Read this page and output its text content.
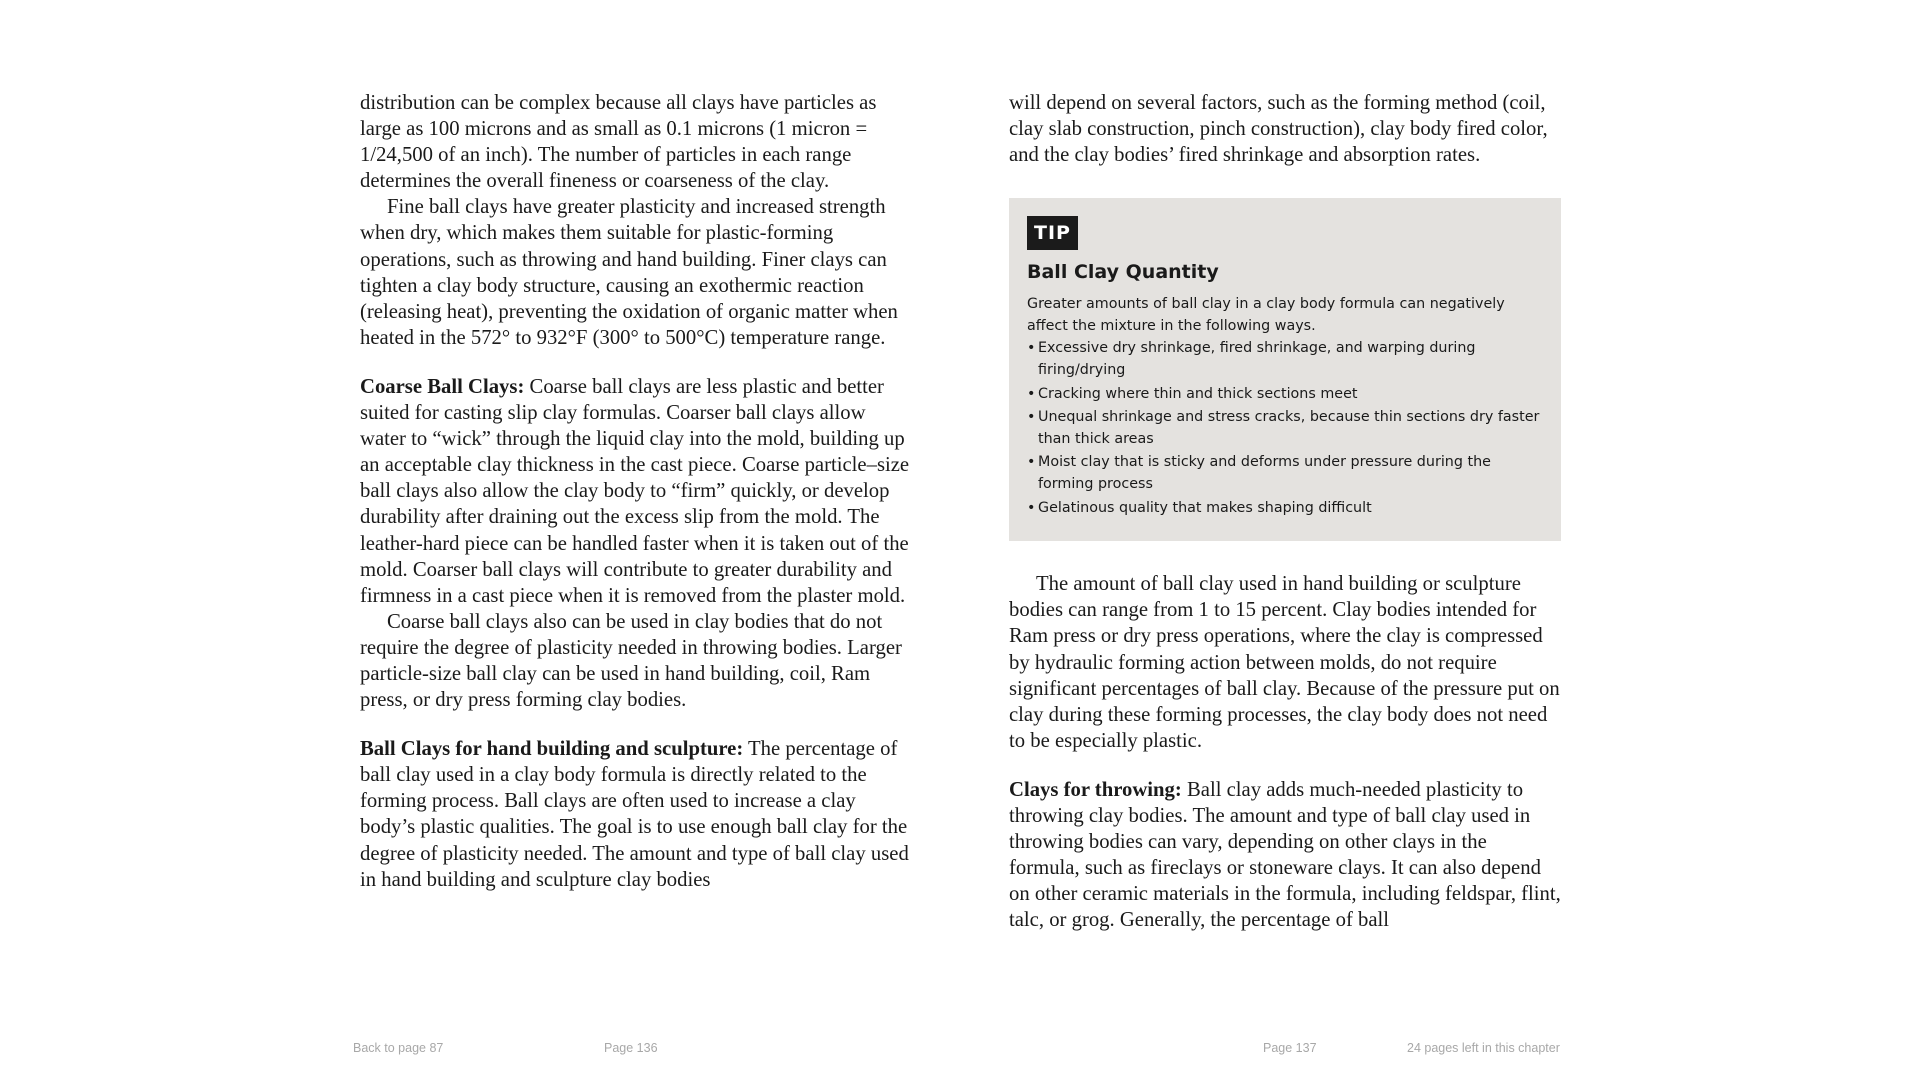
distribution can be complex because all clays have particles as large as 100 microns and as small as 0.1 microns (1 micron = 1/24,500 of an inch). The number of particles in each range determines the overall fineness or coarseness of the clay.

Fine ball clays have greater plasticity and increased strength when dry, which makes them suitable for plastic-forming operations, such as throwing and hand building. Finer clays can tighten a clay body structure, causing an exothermic reaction (releasing heat), preventing the oxidation of organic matter when heated in the 572° to 932°F (300° to 500°C) temperature range.

Coarse Ball Clays: Coarse ball clays are less plastic and better suited for casting slip clay formulas. Coarser ball clays allow water to “wick” through the liquid clay into the mold, building up an acceptable clay thickness in the cast piece. Coarse particle–size ball clays also allow the clay body to “firm” quickly, or develop durability after draining out the excess slip from the mold. The leather-hard piece can be handled faster when it is taken out of the mold. Coarser ball clays will contribute to greater durability and firmness in a cast piece when it is removed from the plaster mold.

Coarse ball clays also can be used in clay bodies that do not require the degree of plasticity needed in throwing bodies. Larger particle-size ball clay can be used in hand building, coil, Ram press, or dry press forming clay bodies.

Ball Clays for hand building and sculpture: The percentage of ball clay used in a clay body formula is directly related to the forming process. Ball clays are often used to increase a clay body’s plastic qualities. The goal is to use enough ball clay for the degree of plasticity needed. The amount and type of ball clay used in hand building and sculpture clay bodies

will depend on several factors, such as the forming method (coil, clay slab construction, pinch construction), clay body fired color, and the clay bodies’ fired shrinkage and absorption rates.

TIP
Ball Clay Quantity
Greater amounts of ball clay in a clay body formula can negatively affect the mixture in the following ways.
• Excessive dry shrinkage, fired shrinkage, and warping during firing/drying
• Cracking where thin and thick sections meet
• Unequal shrinkage and stress cracks, because thin sections dry faster than thick areas
• Moist clay that is sticky and deforms under pressure during the forming process
• Gelatinous quality that makes shaping difficult

The amount of ball clay used in hand building or sculpture bodies can range from 1 to 15 percent. Clay bodies intended for Ram press or dry press operations, where the clay is compressed by hydraulic forming action between molds, do not require significant percentages of ball clay. Because of the pressure put on clay during these forming processes, the clay body does not need to be especially plastic.

Clays for throwing: Ball clay adds much-needed plasticity to throwing clay bodies. The amount and type of ball clay used in throwing bodies can vary, depending on other clays in the formula, such as fireclays or stoneware clays. It can also depend on other ceramic materials in the formula, including feldspar, flint, talc, or grog. Generally, the percentage of ball

Back to page 87	Page 136	Page 137	24 pages left in this chapter
